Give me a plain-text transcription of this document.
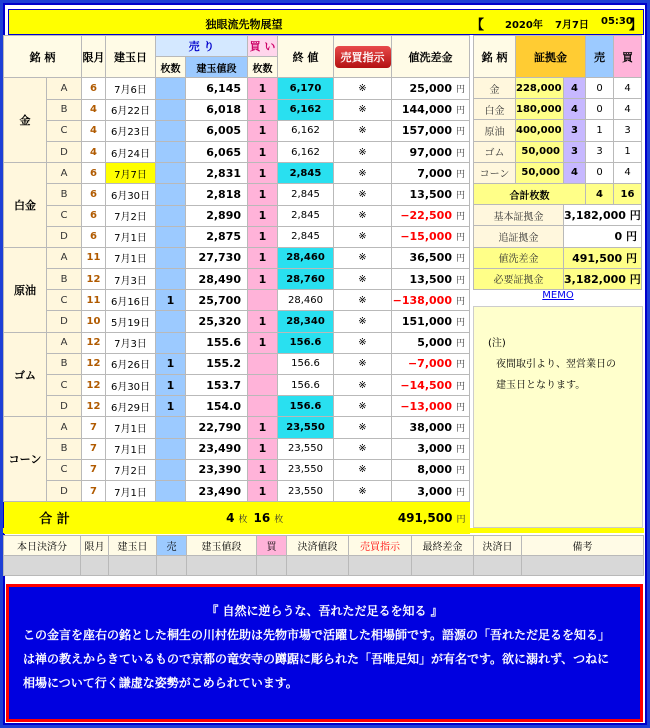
独眼流先物展望	【 2020年 7月7日 05:30
】
銘 柄		限月	建玉日	売 り		買 い	終 値	売買指示	値洗差金
				枚数	建玉値段	枚数			
金	A	6	7月6日		6,145	1	6,170	※	25,000 円
	B	4	6月22日		6,018	1	6,162	※	144,000 円
	C	4	6月23日		6,005	1	6,162	※	157,000 円
	D	4	6月24日		6,065	1	6,162	※	97,000 円
白金	A	6	7月7日		2,831	1	2,845	※	7,000 円
	B	6	6月30日		2,818	1	2,845	※	13,500 円
	C	6	7月2日		2,890	1	2,845	※	−22,500 円
	D	6	7月1日		2,875	1	2,845	※	−15,000 円
原油	A	11	7月1日		27,730	1	28,460	※	36,500 円
	B	12	7月3日		28,490	1	28,760	※	13,500 円
	C	11	6月16日	1	25,700		28,460	※	−138,000 円
	D	10	5月19日		25,320	1	28,340	※	151,000 円
ゴム	A	12	7月3日		155.6	1	156.6	※	5,000 円
	B	12	6月26日	1	155.2		156.6	※	−7,000 円
	C	12	6月30日	1	153.7		156.6	※	−14,500 円
	D	12	6月29日	1	154.0		156.6	※	−13,000 円
コーン	A	7	7月1日		22,790	1	23,550	※	38,000 円
	B	7	7月1日		23,490	1	23,550	※	3,000 円
	C	7	7月2日		23,390	1	23,550	※	8,000 円
	D	7	7月1日		23,490	1	23,550	※	3,000 円
合 計				4 枚		16 枚			491,500 円
銘 柄	証拠金		売	買
金	228,000	4	0	4
白金	180,000	4	0	4
原油	400,000	3	1	3
ゴム	50,000	3	3	1
コーン	50,000	4	0	4
合計枚数			4	16
基本証拠金		3,182,000 円		
追証拠金		0 円		
値洗差金		491,500 円		
必要証拠金		3,182,000 円		
MEMO
(注)
夜間取引より、翌営業日の
建玉日となります。
本日決済分	限月	建玉日	売	建玉値段	買	決済値段	売買指示	最終差金	決済日	備考

『 自然に逆らうな、吾れただ足るを知る 』
この金言を座右の銘とした桐生の川村佐助は先物市場で活躍した相場師です。語源の「吾れただ足るを知る」
は禅の教えからきているもので京都の竜安寺の蹲踞に彫られた「吾唯足知」が有名です。欲に溺れず、つねに
相場について行く謙虚な姿勢がこめられています。
